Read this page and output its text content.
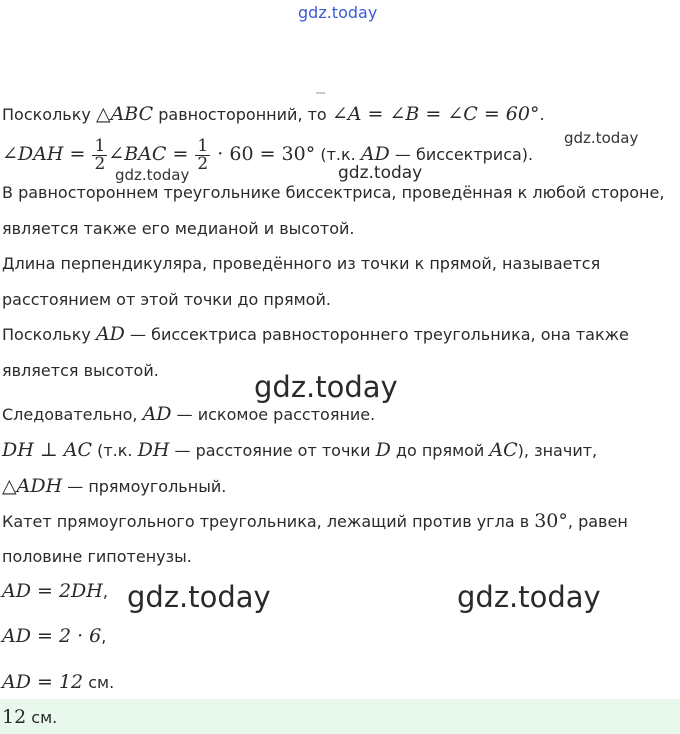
gdz.today
Поскольку △ABC равносторонний, то ∠A = ∠B = ∠C = 60°.
gdz.today
∠DAH = $\frac{1}{2}$ ∠BAC = $\frac{1}{2} \cdot 60 = 30^\circ$ (т.к. AD — биссектриса).
gdz.today	gdz.today
В равностороннем треугольнике биссектриса, проведённая к любой стороне,
является также его медианой и высотой.
Длина перпендикуляра, проведённого из точки к прямой, называется
расстоянием от этой точки до прямой.
Поскольку AD — биссектриса равностороннего треугольника, она также
является высотой.	gdz.today
Следовательно, AD — искомое расстояние.
DH ⊥ AC (т.к. DH — расстояние от точки D до прямой AC), значит,
△ADH — прямоугольный.
Катет прямоугольного треугольника, лежащий против угла в 30°, равен
половине гипотенузы.
AD = 2DH, gdz.today	gdz.today
AD = 2 · 6,
AD = 12 см.
12 см.
